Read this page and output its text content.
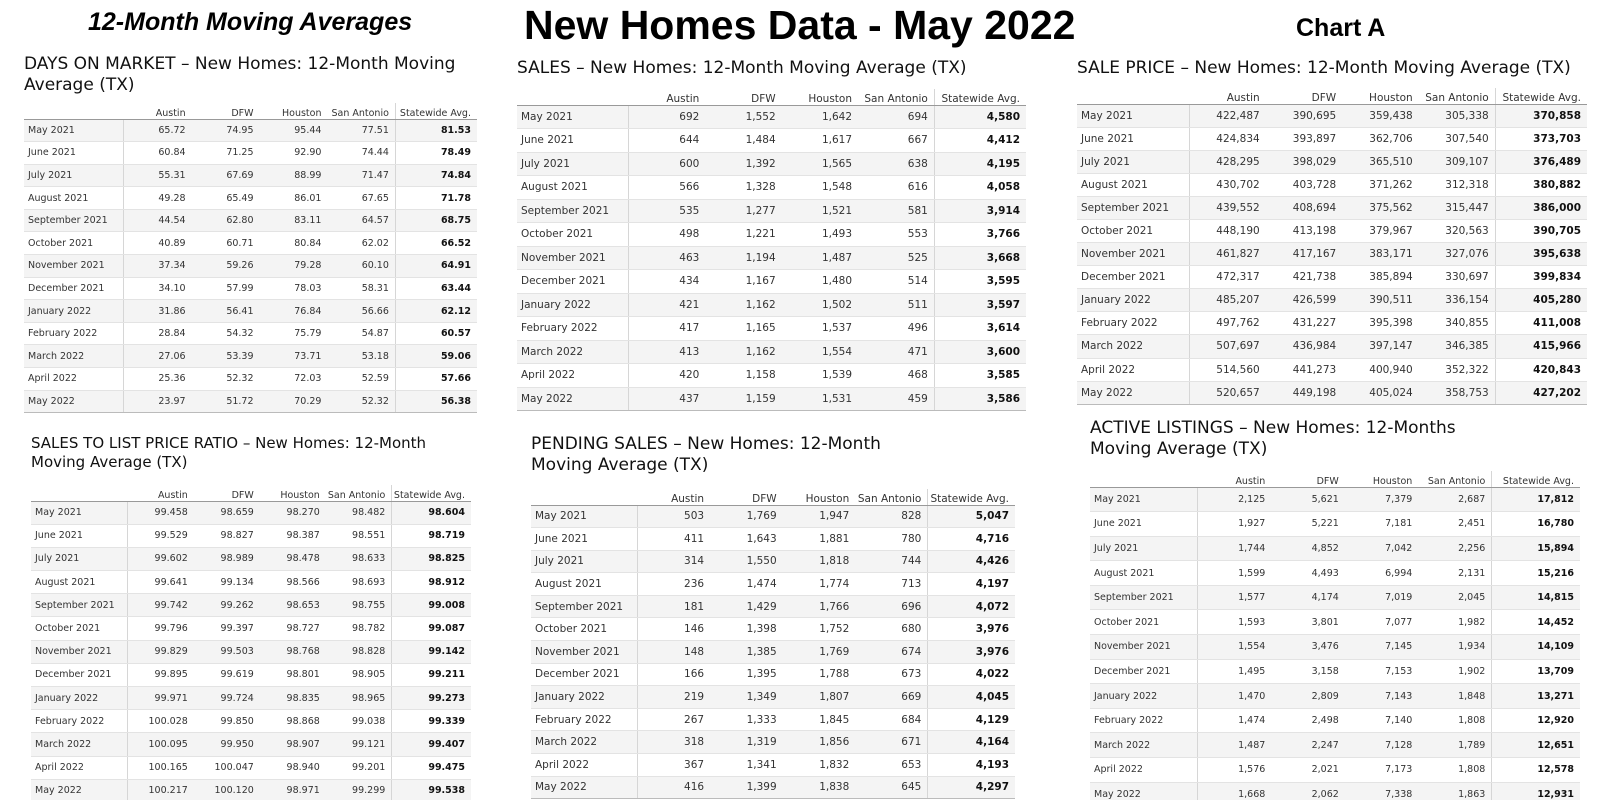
12-Month Moving Averages	New Homes Data - May 2022	Chart A
DAYS ON MARKET – New Homes: 12-Month Moving Average (TX)
	Austin	DFW	Houston	San Antonio	Statewide Avg.
May 2021	65.72	74.95	95.44	77.51	81.53
June 2021	60.84	71.25	92.90	74.44	78.49
July 2021	55.31	67.69	88.99	71.47	74.84
August 2021	49.28	65.49	86.01	67.65	71.78
September 2021	44.54	62.80	83.11	64.57	68.75
October 2021	40.89	60.71	80.84	62.02	66.52
November 2021	37.34	59.26	79.28	60.10	64.91
December 2021	34.10	57.99	78.03	58.31	63.44
January 2022	31.86	56.41	76.84	56.66	62.12
February 2022	28.84	54.32	75.79	54.87	60.57
March 2022	27.06	53.39	73.71	53.18	59.06
April 2022	25.36	52.32	72.03	52.59	57.66
May 2022	23.97	51.72	70.29	52.32	56.38
SALES – New Homes: 12-Month Moving Average (TX)
	Austin	DFW	Houston	San Antonio	Statewide Avg.
May 2021	692	1,552	1,642	694	4,580
June 2021	644	1,484	1,617	667	4,412
July 2021	600	1,392	1,565	638	4,195
August 2021	566	1,328	1,548	616	4,058
September 2021	535	1,277	1,521	581	3,914
October 2021	498	1,221	1,493	553	3,766
November 2021	463	1,194	1,487	525	3,668
December 2021	434	1,167	1,480	514	3,595
January 2022	421	1,162	1,502	511	3,597
February 2022	417	1,165	1,537	496	3,614
March 2022	413	1,162	1,554	471	3,600
April 2022	420	1,158	1,539	468	3,585
May 2022	437	1,159	1,531	459	3,586
SALE PRICE – New Homes: 12-Month Moving Average (TX)
	Austin	DFW	Houston	San Antonio	Statewide Avg.
May 2021	422,487	390,695	359,438	305,338	370,858
June 2021	424,834	393,897	362,706	307,540	373,703
July 2021	428,295	398,029	365,510	309,107	376,489
August 2021	430,702	403,728	371,262	312,318	380,882
September 2021	439,552	408,694	375,562	315,447	386,000
October 2021	448,190	413,198	379,967	320,563	390,705
November 2021	461,827	417,167	383,171	327,076	395,638
December 2021	472,317	421,738	385,894	330,697	399,834
January 2022	485,207	426,599	390,511	336,154	405,280
February 2022	497,762	431,227	395,398	340,855	411,008
March 2022	507,697	436,984	397,147	346,385	415,966
April 2022	514,560	441,273	400,940	352,322	420,843
May 2022	520,657	449,198	405,024	358,753	427,202
SALES TO LIST PRICE RATIO – New Homes: 12-Month Moving Average (TX)
	Austin	DFW	Houston	San Antonio	Statewide Avg.
May 2021	99.458	98.659	98.270	98.482	98.604
June 2021	99.529	98.827	98.387	98.551	98.719
July 2021	99.602	98.989	98.478	98.633	98.825
August 2021	99.641	99.134	98.566	98.693	98.912
September 2021	99.742	99.262	98.653	98.755	99.008
October 2021	99.796	99.397	98.727	98.782	99.087
November 2021	99.829	99.503	98.768	98.828	99.142
December 2021	99.895	99.619	98.801	98.905	99.211
January 2022	99.971	99.724	98.835	98.965	99.273
February 2022	100.028	99.850	98.868	99.038	99.339
March 2022	100.095	99.950	98.907	99.121	99.407
April 2022	100.165	100.047	98.940	99.201	99.475
May 2022	100.217	100.120	98.971	99.299	99.538
PENDING SALES – New Homes: 12-Month Moving Average (TX)
	Austin	DFW	Houston	San Antonio	Statewide Avg.
May 2021	503	1,769	1,947	828	5,047
June 2021	411	1,643	1,881	780	4,716
July 2021	314	1,550	1,818	744	4,426
August 2021	236	1,474	1,774	713	4,197
September 2021	181	1,429	1,766	696	4,072
October 2021	146	1,398	1,752	680	3,976
November 2021	148	1,385	1,769	674	3,976
December 2021	166	1,395	1,788	673	4,022
January 2022	219	1,349	1,807	669	4,045
February 2022	267	1,333	1,845	684	4,129
March 2022	318	1,319	1,856	671	4,164
April 2022	367	1,341	1,832	653	4,193
May 2022	416	1,399	1,838	645	4,297
ACTIVE LISTINGS – New Homes: 12-Months Moving Average (TX)
	Austin	DFW	Houston	San Antonio	Statewide Avg.
May 2021	2,125	5,621	7,379	2,687	17,812
June 2021	1,927	5,221	7,181	2,451	16,780
July 2021	1,744	4,852	7,042	2,256	15,894
August 2021	1,599	4,493	6,994	2,131	15,216
September 2021	1,577	4,174	7,019	2,045	14,815
October 2021	1,593	3,801	7,077	1,982	14,452
November 2021	1,554	3,476	7,145	1,934	14,109
December 2021	1,495	3,158	7,153	1,902	13,709
January 2022	1,470	2,809	7,143	1,848	13,271
February 2022	1,474	2,498	7,140	1,808	12,920
March 2022	1,487	2,247	7,128	1,789	12,651
April 2022	1,576	2,021	7,173	1,808	12,578
May 2022	1,668	2,062	7,338	1,863	12,931
